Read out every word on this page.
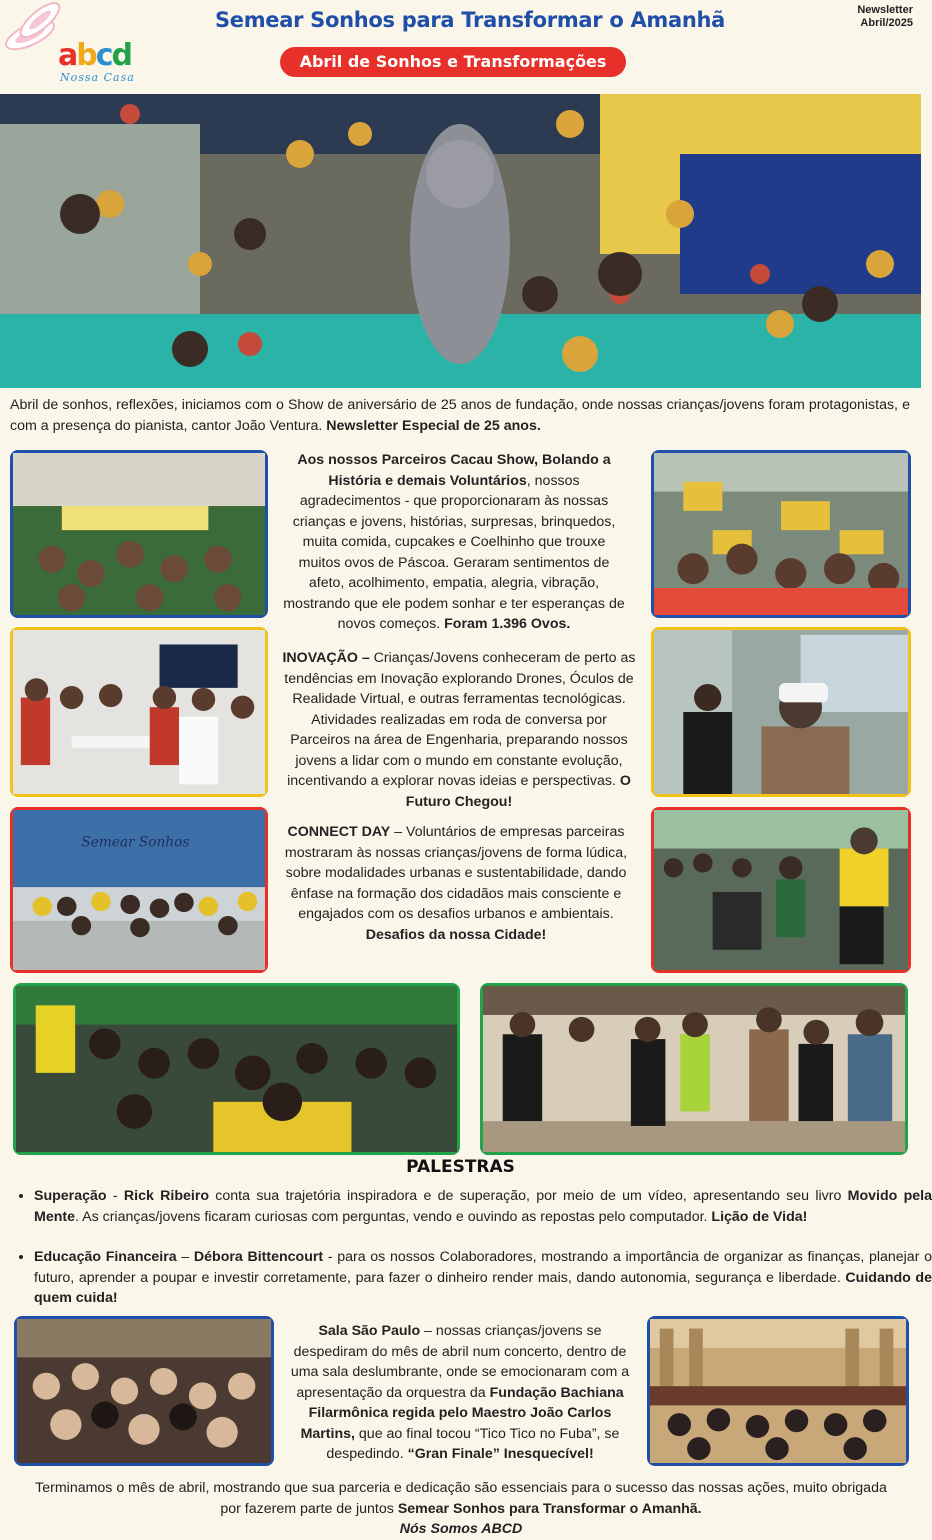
abcd
Nossa Casa
Semear Sonhos para Transformar o Amanhã
Abril de Sonhos e Transformações
Newsletter
Abril/2025

Abril de sonhos, reflexões, iniciamos com o Show de aniversário de 25 anos de fundação, onde nossas crianças/jovens foram protagonistas, e com a presença do pianista, cantor João Ventura. Newsletter Especial de 25 anos.

Aos nossos Parceiros Cacau Show, Bolando a História e demais Voluntários, nossos agradecimentos - que proporcionaram às nossas crianças e jovens, histórias, surpresas, brinquedos, muita comida, cupcakes e Coelhinho que trouxe muitos ovos de Páscoa. Geraram sentimentos de afeto, acolhimento, empatia, alegria, vibração, mostrando que ele podem sonhar e ter esperanças de novos começos. Foram 1.396 Ovos.

INOVAÇÃO – Crianças/Jovens conheceram de perto as tendências em Inovação explorando Drones, Óculos de Realidade Virtual, e outras ferramentas tecnológicas. Atividades realizadas em roda de conversa por Parceiros na área de Engenharia, preparando nossos jovens a lidar com o mundo em constante evolução, incentivando a explorar novas ideias e perspectivas. O Futuro Chegou!

Semear Sonhos

CONNECT DAY – Voluntários de empresas parceiras mostraram às nossas crianças/jovens de forma lúdica, sobre modalidades urbanas e sustentabilidade, dando ênfase na formação dos cidadãos mais consciente e engajados com os desafios urbanos e ambientais.
Desafios da nossa Cidade!

PALESTRAS
• Superação - Rick Ribeiro conta sua trajetória inspiradora e de superação, por meio de um vídeo, apresentando seu livro Movido pela Mente. As crianças/jovens ficaram curiosas com perguntas, vendo e ouvindo as repostas pelo computador. Lição de Vida!
• Educação Financeira – Débora Bittencourt - para os nossos Colaboradores, mostrando a importância de organizar as finanças, planejar o futuro, aprender a poupar e investir corretamente, para fazer o dinheiro render mais, dando autonomia, segurança e liberdade. Cuidando de quem cuida!

Sala São Paulo – nossas crianças/jovens se despediram do mês de abril num concerto, dentro de uma sala deslumbrante, onde se emocionaram com a apresentação da orquestra da Fundação Bachiana Filarmônica regida pelo Maestro João Carlos Martins, que ao final tocou “Tico Tico no Fuba”, se despedindo. “Gran Finale” Inesquecível!

Terminamos o mês de abril, mostrando que sua parceria e dedicação são essenciais para o sucesso das nossas ações, muito obrigada por fazerem parte de juntos Semear Sonhos para Transformar o Amanhã.
Nós Somos ABCD
